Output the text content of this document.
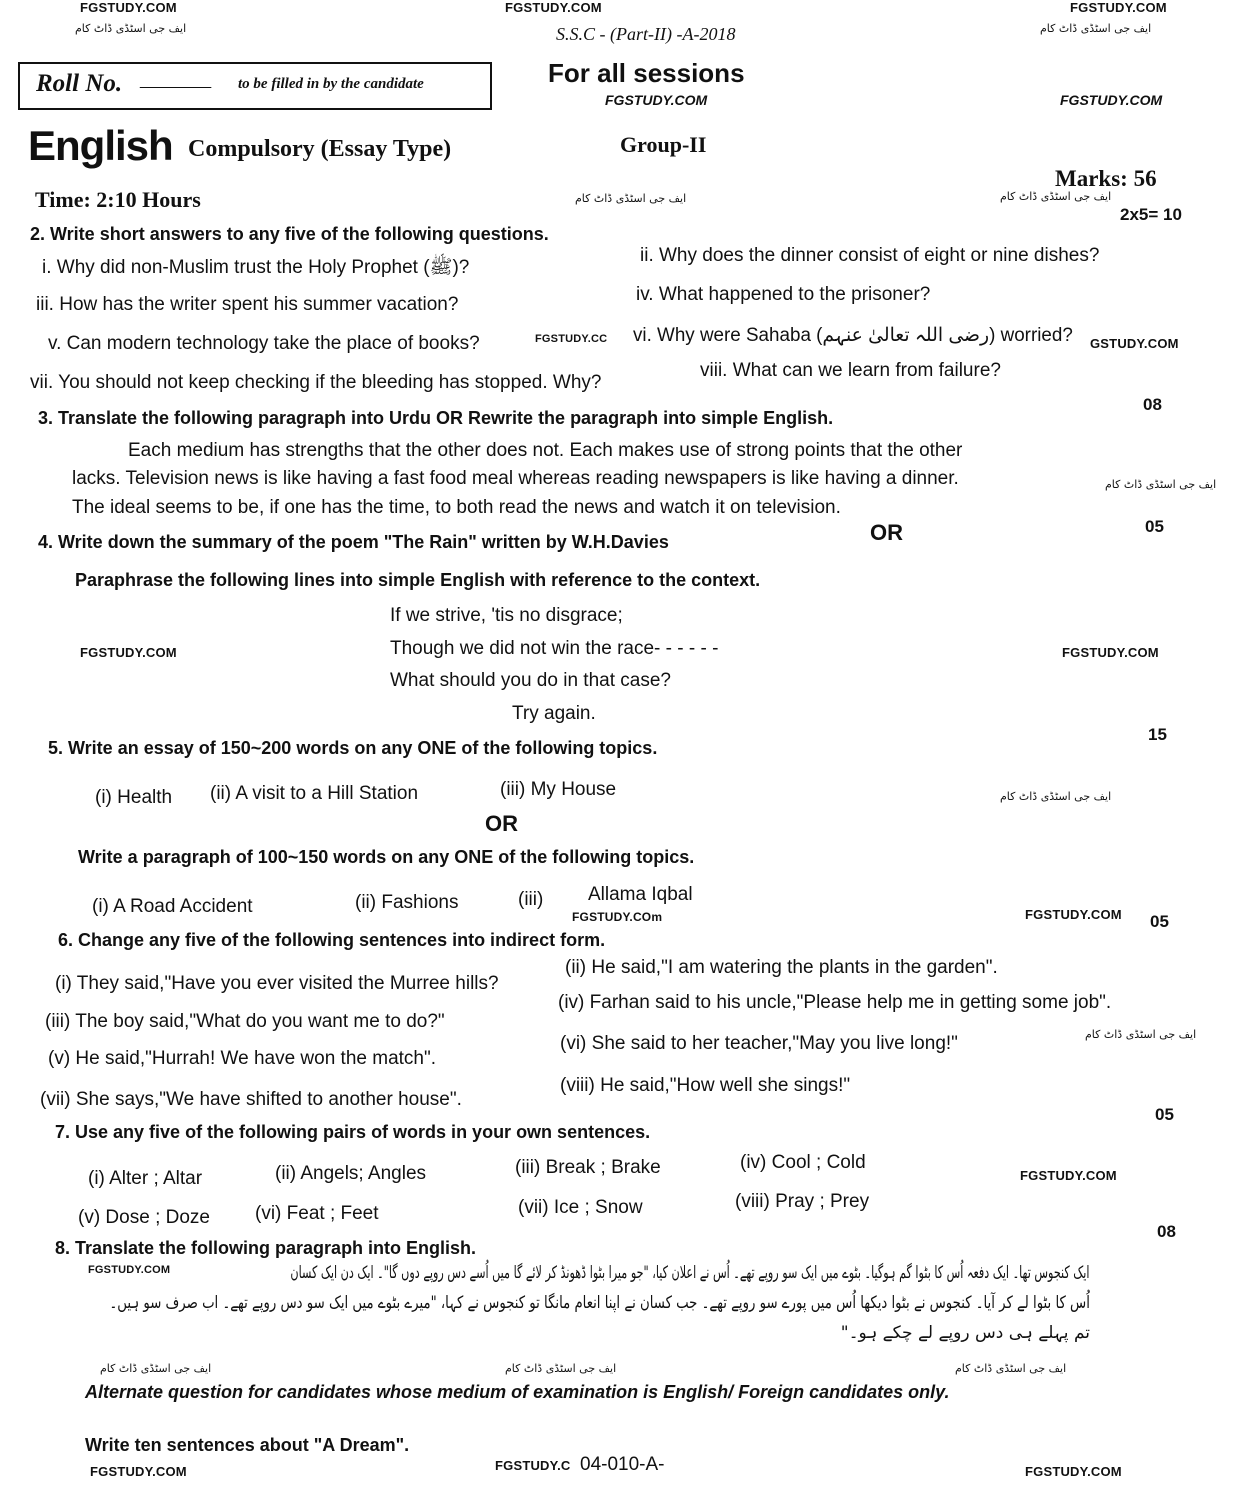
FGSTUDY.COM	FGSTUDY.COM	FGSTUDY.COM
ایف جی اسٹڈی ڈاٹ کام	ایف جی اسٹڈی ڈاٹ کام
S.S.C - (Part-II) -A-2018
Roll No. ________ to be filled in by the candidate	For all sessions
FGSTUDY.COM	FGSTUDY.COM
English Compulsory (Essay Type)	Group-II
Marks: 56
Time: 2:10 Hours	ایف جی اسٹڈی ڈاٹ کام	ایف جی اسٹڈی ڈاٹ کام
2x5= 10
2. Write short answers to any five of the following questions.
i. Why did non-Muslim trust the Holy Prophet (ﷺ)?
ii. Why does the dinner consist of eight or nine dishes?
iii. How has the writer spent his summer vacation?	iv. What happened to the prisoner?
v. Can modern technology take the place of books?	FGSTUDY.CC vi. Why were Sahaba (رضی اللہ تعالیٰ عنہم) worried? GSTUDY.COM
vii. You should not keep checking if the bleeding has stopped. Why?
viii. What can we learn from failure?
3. Translate the following paragraph into Urdu OR Rewrite the paragraph into simple English.
08
Each medium has strengths that the other does not. Each makes use of strong points that the other
lacks. Television news is like having a fast food meal whereas reading newspapers is like having a dinner.	ایف جی اسٹڈی ڈاٹ کام
The ideal seems to be, if one has the time, to both read the news and watch it on television.
05
4. Write down the summary of the poem "The Rain" written by W.H.Davies	OR
Paraphrase the following lines into simple English with reference to the context.
If we strive, 'tis no disgrace;
FGSTUDY.COM	Though we did not win the race- - - - - -	FGSTUDY.COM
What should you do in that case?
Try again.
15
5. Write an essay of 150~200 words on any ONE of the following topics.
(i) Health (ii) A visit to a Hill Station	(iii) My House	ایف جی اسٹڈی ڈاٹ کام
OR
Write a paragraph of 100~150 words on any ONE of the following topics.
(i) A Road Accident	(ii) Fashions	(iii) Allama Iqbal
FGSTUDY.COm	FGSTUDY.COM 05
6. Change any five of the following sentences into indirect form.
(i) They said,"Have you ever visited the Murree hills?
(ii) He said,"I am watering the plants in the garden".
(iii) The boy said,"What do you want me to do?"
(iv) Farhan said to his uncle,"Please help me in getting some job".
(v) He said,"Hurrah! We have won the match".
(vi) She said to her teacher,"May you live long!"	ایف جی اسٹڈی ڈاٹ کام
(vii) She says,"We have shifted to another house".
(viii) He said,"How well she sings!"
05
7. Use any five of the following pairs of words in your own sentences.
(i) Alter ; Altar	(ii) Angels; Angles	(iii) Break ; Brake	(iv) Cool ; Cold
FGSTUDY.COM
(v) Dose ; Doze (vi) Feat ; Feet	(vii) Ice ; Snow	(viii) Pray ; Prey
08
8. Translate the following paragraph into English.
FGSTUDY.COM	ایک کنجوس تھا۔ ایک دفعہ اُس کا بٹوا گم ہوگیا۔ بٹوے میں ایک سو روپے تھے۔ اُس نے اعلان کیا، "جو میرا بٹوا ڈھونڈ کر لائے گا میں اُسے دس روپے دوں گا"۔ ایک دن ایک کسان
اُس کا بٹوا لے کر آیا۔ کنجوس نے بٹوا دیکھا اُس میں پورے سو روپے تھے۔ جب کسان نے اپنا انعام مانگا تو کنجوس نے کہا، "میرے بٹوے میں ایک سو دس روپے تھے۔ اب صرف سو ہیں۔
تم پہلے ہی دس روپے لے چکے ہو۔"
ایف جی اسٹڈی ڈاٹ کام	ایف جی اسٹڈی ڈاٹ کام	ایف جی اسٹڈی ڈاٹ کام
Alternate question for candidates whose medium of examination is English/ Foreign candidates only.
Write ten sentences about "A Dream".
FGSTUDY.COM	FGSTUDY.C 04-010-A-	FGSTUDY.COM
